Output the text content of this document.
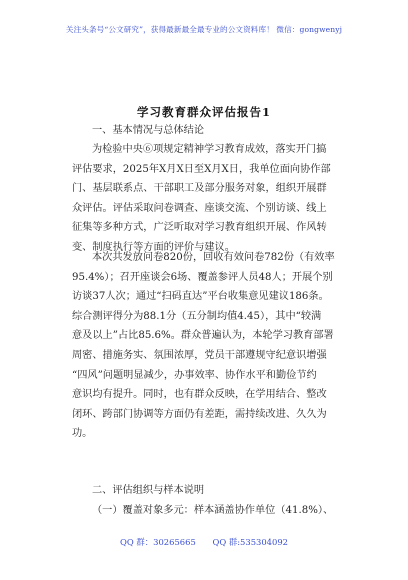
关注头条号“公文研究”，获得最新最全最专业的公文资料库！ 微信：gongwenyj
学习教育群众评估报告1
一、基本情况与总体结论
为检验中央⑥项规定精神学习教育成效，落实开门搞
评估要求，2025年X月X日至X月X日，我单位面向协作部
门、基层联系点、干部职工及部分服务对象，组织开展群
众评估。评估采取问卷调查、座谈交流、个别访谈、线上
征集等多种方式，广泛听取对学习教育组织开展、作风转
变、制度执行等方面的评价与建议。
本次共发放问卷820份，回收有效问卷782份（有效率
95.4%）；召开座谈会6场、覆盖参评人员48人；开展个别
访谈37人次；通过“扫码直达”平台收集意见建议186条。
综合测评得分为88.1分（五分制均值4.45），其中“较满
意及以上”占比85.6%。群众普遍认为，本轮学习教育部署
周密、措施务实、氛围浓厚，党员干部遵规守纪意识增强
“四风”问题明显减少，办事效率、协作水平和勤俭节约
意识均有提升。同时，也有群众反映，在学用结合、整改
闭环、跨部门协调等方面仍有差距，需持续改进、久久为
功。
二、评估组织与样本说明
（一）覆盖对象多元：样本涵盖协作单位（41.8%）、
QQ 群：30265665 QQ 群:535304092
